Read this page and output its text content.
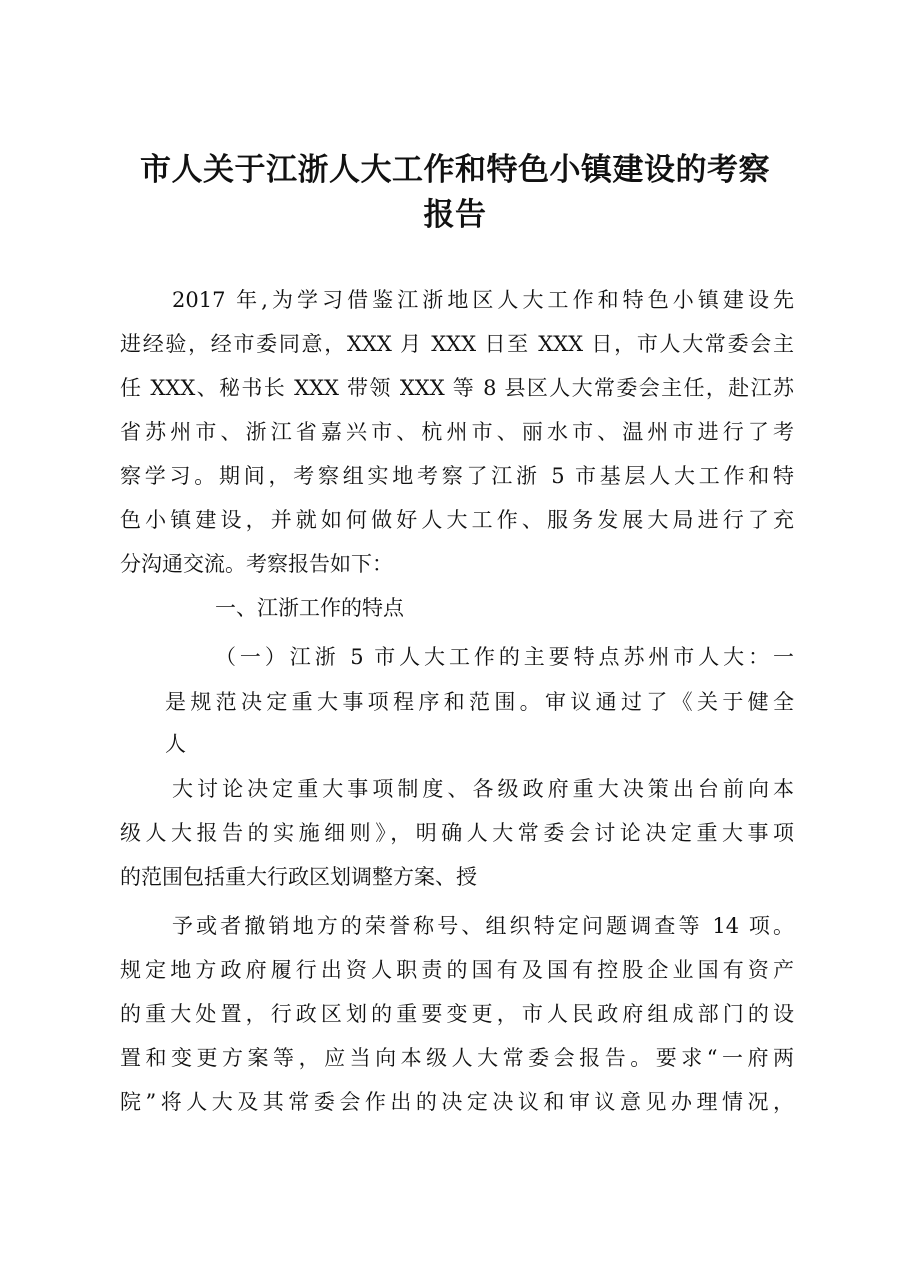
市人关于江浙人大工作和特色小镇建设的考察
报告
2017 年,为学习借鉴江浙地区人大工作和特色小镇建设先
进经验，经市委同意，XXX 月 XXX 日至 XXX 日，市人大常委会主
任 XXX、秘书长 XXX 带领 XXX 等 8 县区人大常委会主任，赴江苏
省苏州市、浙江省嘉兴市、杭州市、丽水市、温州市进行了考
察学习。期间，考察组实地考察了江浙 5 市基层人大工作和特
色小镇建设，并就如何做好人大工作、服务发展大局进行了充
分沟通交流。考察报告如下：
一、江浙工作的特点
（一）江浙 5 市人大工作的主要特点苏州市人大：一
是规范决定重大事项程序和范围。审议通过了《关于健全
人
大讨论决定重大事项制度、各级政府重大决策出台前向本
级人大报告的实施细则》，明确人大常委会讨论决定重大事项
的范围包括重大行政区划调整方案、授
予或者撤销地方的荣誉称号、组织特定问题调查等 14 项。
规定地方政府履行出资人职责的国有及国有控股企业国有资产
的重大处置，行政区划的重要变更，市人民政府组成部门的设
置和变更方案等，应当向本级人大常委会报告。要求“一府两
院”将人大及其常委会作出的决定决议和审议意见办理情况，
